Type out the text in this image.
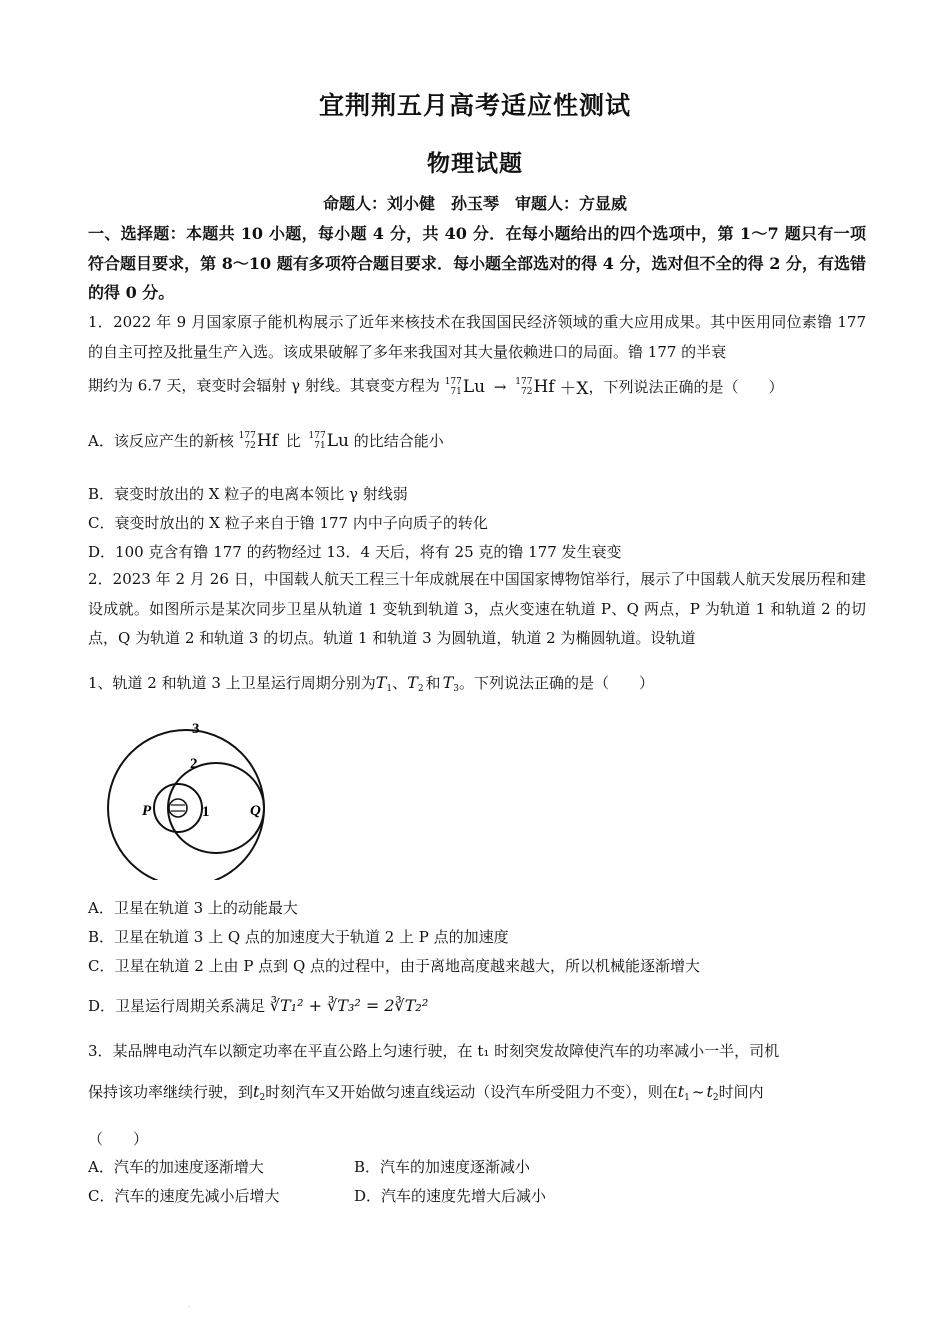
宜荆荆五月高考适应性测试
物理试题
命题人：刘小健　孙玉琴　审题人：方显威
一、选择题：本题共 10 小题，每小题 4 分，共 40 分．在每小题给出的四个选项中，第 1～7 题只有一项符合题目要求，第 8～10 题有多项符合题目要求．每小题全部选对的得 4 分，选对但不全的得 2 分，有选错的得 0 分。
1．2022 年 9 月国家原子能机构展示了近年来核技术在我国国民经济领域的重大应用成果。其中医用同位素镥 177 的自主可控及批量生产入选。该成果破解了多年来我国对其大量依赖进口的局面。镥 177 的半衰
期约为 6.7 天，衰变时会辐射 γ 射线。其衰变方程为 177
71 Lu → 177
72 Hf ＋X，下列说法正确的是（　　）
A．该反应产生的新核 177
72 Hf 比 177
71 Lu 的比结合能小
B．衰变时放出的 X 粒子的电离本领比 γ 射线弱
C．衰变时放出的 X 粒子来自于镥 177 内中子向质子的转化
D．100 克含有镥 177 的药物经过 13．4 天后，将有 25 克的镥 177 发生衰变
2．2023 年 2 月 26 日，中国载人航天工程三十年成就展在中国国家博物馆举行，展示了中国载人航天发展历程和建设成就。如图所示是某次同步卫星从轨道 1 变轨到轨道 3，点火变速在轨道 P、Q 两点，P 为轨道 1 和轨道 2 的切点，Q 为轨道 2 和轨道 3 的切点。轨道 1 和轨道 3 为圆轨道，轨道 2 为椭圆轨道。设轨道
1、轨道 2 和轨道 3 上卫星运行周期分别为$T_1$、$T_2$ 和 $T_3$。下列说法正确的是（　　）
3
2
1
P	Q
A．卫星在轨道 3 上的动能最大
B．卫星在轨道 3 上 Q 点的加速度大于轨道 2 上 P 点的加速度
C．卫星在轨道 2 上由 P 点到 Q 点的过程中，由于离地高度越来越大，所以机械能逐渐增大
D．卫星运行周期关系满足 ∛T₁² + ∛T₃² = 2∛T₂²
3．某品牌电动汽车以额定功率在平直公路上匀速行驶，在 t₁ 时刻突发故障使汽车的功率减小一半，司机
保持该功率继续行驶，到$t_2$时刻汽车又开始做匀速直线运动（设汽车所受阻力不变），则在$t_1$ ~ $t_2$时间内
（　　）
A．汽车的加速度逐渐增大	B．汽车的加速度逐渐减小
C．汽车的速度先减小后增大	D．汽车的速度先增大后减小
.
